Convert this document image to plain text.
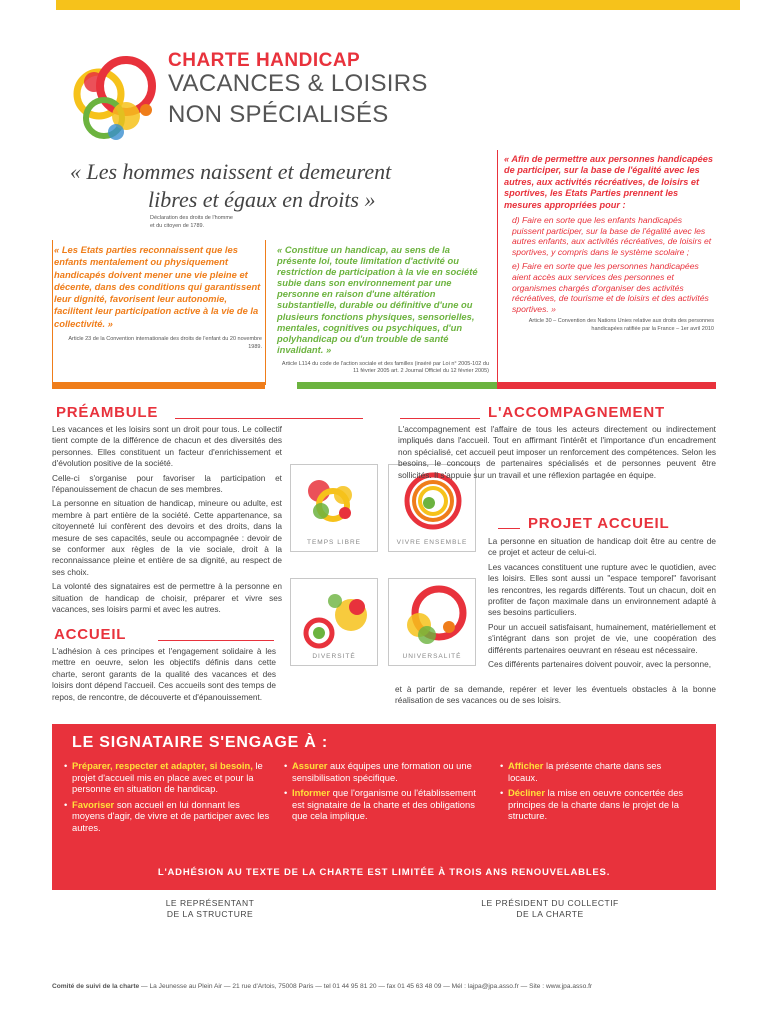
CHARTE HANDICAP
VACANCES & LOISIRS
NON SPÉCIALISÉS
« Les hommes naissent et demeurent
libres et égaux en droits »
Déclaration des droits de l'homme
et du citoyen de 1789.
« Afin de permettre aux personnes handicapées de participer, sur la base de l'égalité avec les autres, aux activités récréatives, de loisirs et sportives, les Etats Parties prennent les mesures appropriées pour :
d) Faire en sorte que les enfants handicapés puissent participer, sur la base de l'égalité avec les autres enfants, aux activités récréatives, de loisirs et sportives, y compris dans le système scolaire ;
e) Faire en sorte que les personnes handicapées aient accès aux services des personnes et organismes chargés d'organiser des activités récréatives, de tourisme et de loisirs et des activités sportives. »
Article 30 – Convention des Nations Unies relative aux droits des personnes handicapées ratifiée par la France – 1er avril 2010
« Les Etats parties reconnaissent que les enfants mentalement ou physiquement handicapés doivent mener une vie pleine et décente, dans des conditions qui garantissent leur dignité, favorisent leur autonomie, facilitent leur participation active à la vie de la collectivité. »
Article 23 de la Convention internationale des droits de l'enfant du 20 novembre 1989.
« Constitue un handicap, au sens de la présente loi, toute limitation d'activité ou restriction de participation à la vie en société subie dans son environnement par une personne en raison d'une altération substantielle, durable ou définitive d'une ou plusieurs fonctions physiques, sensorielles, mentales, cognitives ou psychiques, d'un polyhandicap ou d'un trouble de santé invalidant. »
Article L114 du code de l'action sociale et des familles (inséré par Loi n° 2005-102 du 11 février 2005 art. 2 Journal Officiel du 12 février 2005)
PRÉAMBULE

Les vacances et les loisirs sont un droit pour tous. Le collectif tient compte de la différence de chacun et des diversités des personnes. Elles constituent un facteur d'enrichissement et d'évolution positive de la société.

Celle-ci s'organise pour favoriser la participation et l'épanouissement de chacun de ses membres.

La personne en situation de handicap, mineure ou adulte, est membre à part entière de la société. Cette appartenance, sa citoyenneté lui confèrent des devoirs et des droits, dans la mesure de ses capacités, seule ou accompagnée : devoir de se conformer aux règles de la vie sociale, droit à la reconnaissance pleine et entière de sa dignité, au respect de ses choix.

La volonté des signataires est de permettre à la personne en situation de handicap de choisir, préparer et vivre ses vacances, ses loisirs parmi et avec les autres.

ACCUEIL

L'adhésion à ces principes et l'engagement solidaire à les mettre en oeuvre, selon les objectifs définis dans cette charte, seront garants de la qualité des vacances et des loisirs dont dépend l'accueil. Ces accueils sont des temps de repos, de rencontre, de découverte et d'épanouissement.

TEMPS LIBRE	VIVRE ENSEMBLE
DIVERSITÉ	UNIVERSALITÉ
L'ACCOMPAGNEMENT

L'accompagnement est l'affaire de tous les acteurs directement ou indirectement impliqués dans l'accueil. Tout en affirmant l'intérêt et l'importance d'un encadrement non spécialisé, cet accueil peut imposer un renforcement des compétences. Selon les besoins, le concours de partenaires spécialisés et de personnes peuvent être sollicités. Il s'appuie sur un travail et une réflexion partagée en équipe.

PROJET ACCUEIL

La personne en situation de handicap doit être au centre de ce projet et acteur de celui-ci.

Les vacances constituent une rupture avec le quotidien, avec les loisirs. Elles sont aussi un "espace temporel" favorisant les rencontres, les regards différents. Tout un chacun, doit en profiter de façon maximale dans un environnement adapté à ses besoins particuliers.

Pour un accueil satisfaisant, humainement, matériellement et s'intégrant dans son projet de vie, une coopération des différents partenaires oeuvrant en réseau est nécessaire.

Ces différents partenaires doivent pouvoir, avec la personne,

et à partir de sa demande, repérer et lever les éventuels obstacles à la bonne réalisation de ses vacances ou de ses loisirs.

LE SIGNATAIRE S'ENGAGE À :
• Préparer, respecter et adapter, si besoin, le projet d'accueil mis en place avec et pour la personne en situation de handicap.
• Favoriser son accueil en lui donnant les moyens d'agir, de vivre et de participer avec les autres.
• Assurer aux équipes une formation ou une sensibilisation spécifique.
• Informer que l'organisme ou l'établissement est signataire de la charte et des obligations que cela implique.
• Afficher la présente charte dans ses locaux.
• Décliner la mise en oeuvre concertée des principes de la charte dans le projet de la structure.
L'ADHÉSION AU TEXTE DE LA CHARTE EST LIMITÉE À TROIS ANS RENOUVELABLES.
LE REPRÉSENTANT
DE LA STRUCTURE
LE PRÉSIDENT DU COLLECTIF
DE LA CHARTE
Comité de suivi de la charte — La Jeunesse au Plein Air — 21 rue d'Artois, 75008 Paris — tel 01 44 95 81 20 — fax 01 45 63 48 09 — Mél : lajpa@jpa.asso.fr — Site : www.jpa.asso.fr
